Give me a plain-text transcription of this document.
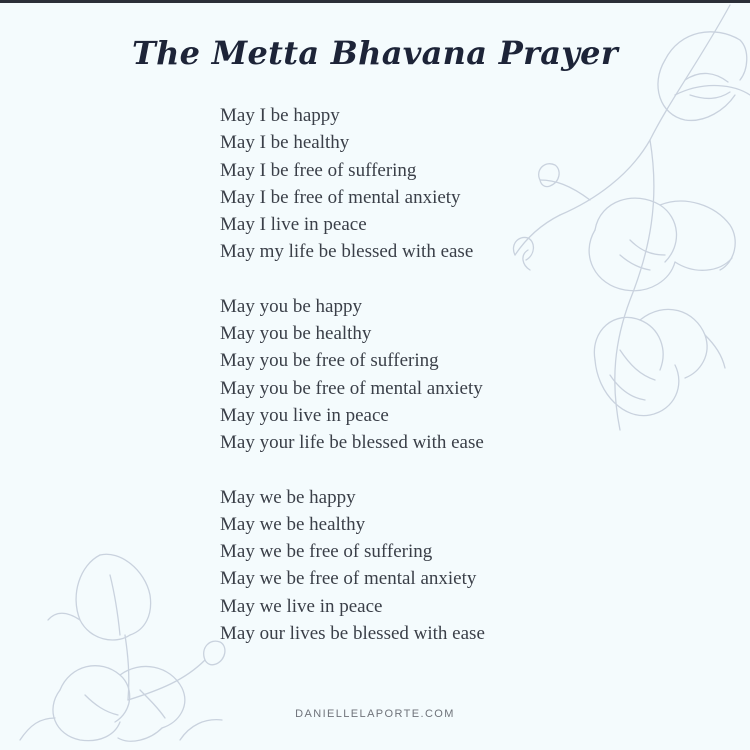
The Metta Bhavana Prayer
May I be happy
May I be healthy
May I be free of suffering
May I be free of mental anxiety
May I live in peace
May my life be blessed with ease
May you be happy
May you be healthy
May you be free of suffering
May you be free of mental anxiety
May you live in peace
May your life be blessed with ease
May we be happy
May we be healthy
May we be free of suffering
May we be free of mental anxiety
May we live in peace
May our lives be blessed with ease
DANIELLELAPORTE.COM
